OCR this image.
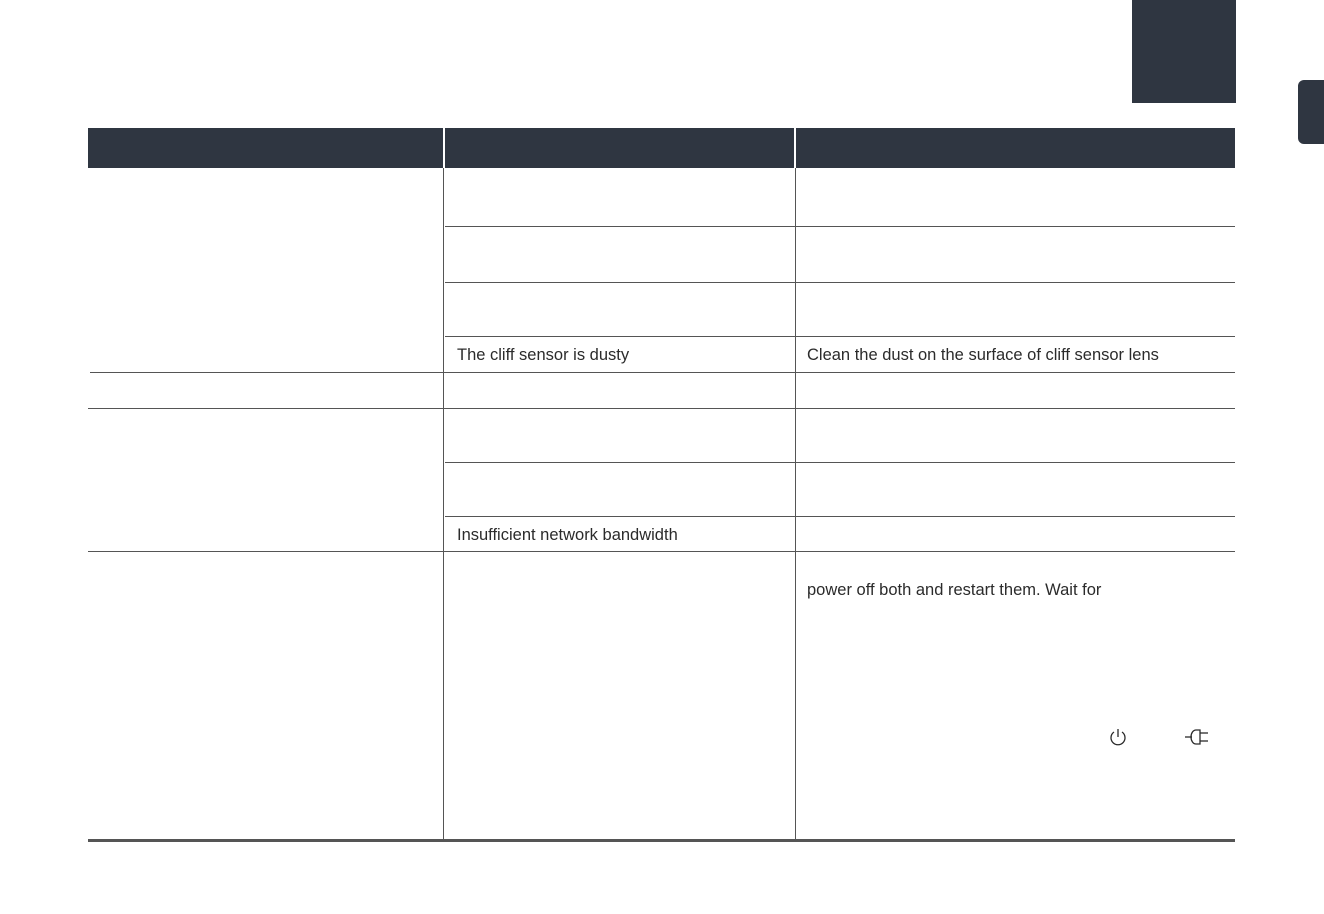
The cliff sensor is dusty	Clean the dust on the surface of cliff sensor lens
Insufficient network bandwidth
power off both and restart them. Wait for
